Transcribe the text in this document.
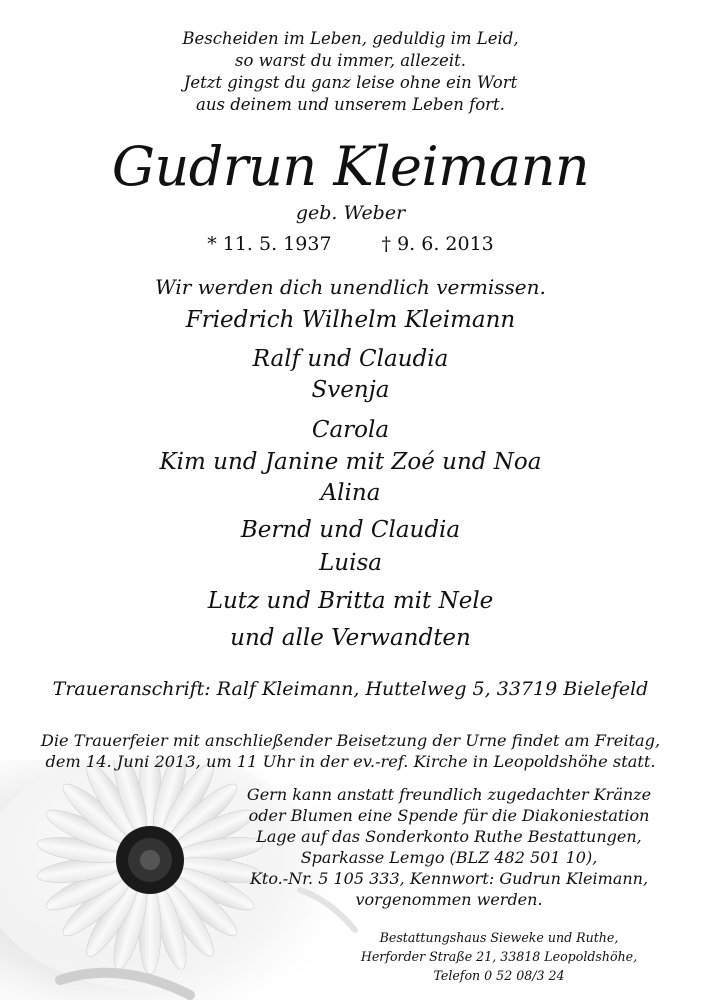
Bescheiden im Leben, geduldig im Leid,
so warst du immer, allezeit.
Jetzt gingst du ganz leise ohne ein Wort
aus deinem und unserem Leben fort.
Gudrun Kleimann
geb. Weber
* 11. 5. 1937	† 9. 6. 2013
Wir werden dich unendlich vermissen.
Friedrich Wilhelm Kleimann
Ralf und Claudia
Svenja
Carola
Kim und Janine mit Zoé und Noa
Alina
Bernd und Claudia
Luisa
Lutz und Britta mit Nele
und alle Verwandten
Traueranschrift: Ralf Kleimann, Huttelweg 5, 33719 Bielefeld
Die Trauerfeier mit anschließender Beisetzung der Urne findet am Freitag,
dem 14. Juni 2013, um 11 Uhr in der ev.-ref. Kirche in Leopoldshöhe statt.
Gern kann anstatt freundlich zugedachter Kränze
oder Blumen eine Spende für die Diakoniestation
Lage auf das Sonderkonto Ruthe Bestattungen,
Sparkasse Lemgo (BLZ 482 501 10),
Kto.-Nr. 5 105 333, Kennwort: Gudrun Kleimann,
vorgenommen werden.
Bestattungshaus Sieweke und Ruthe,
Herforder Straße 21, 33818 Leopoldshöhe,
Telefon 0 52 08/3 24
